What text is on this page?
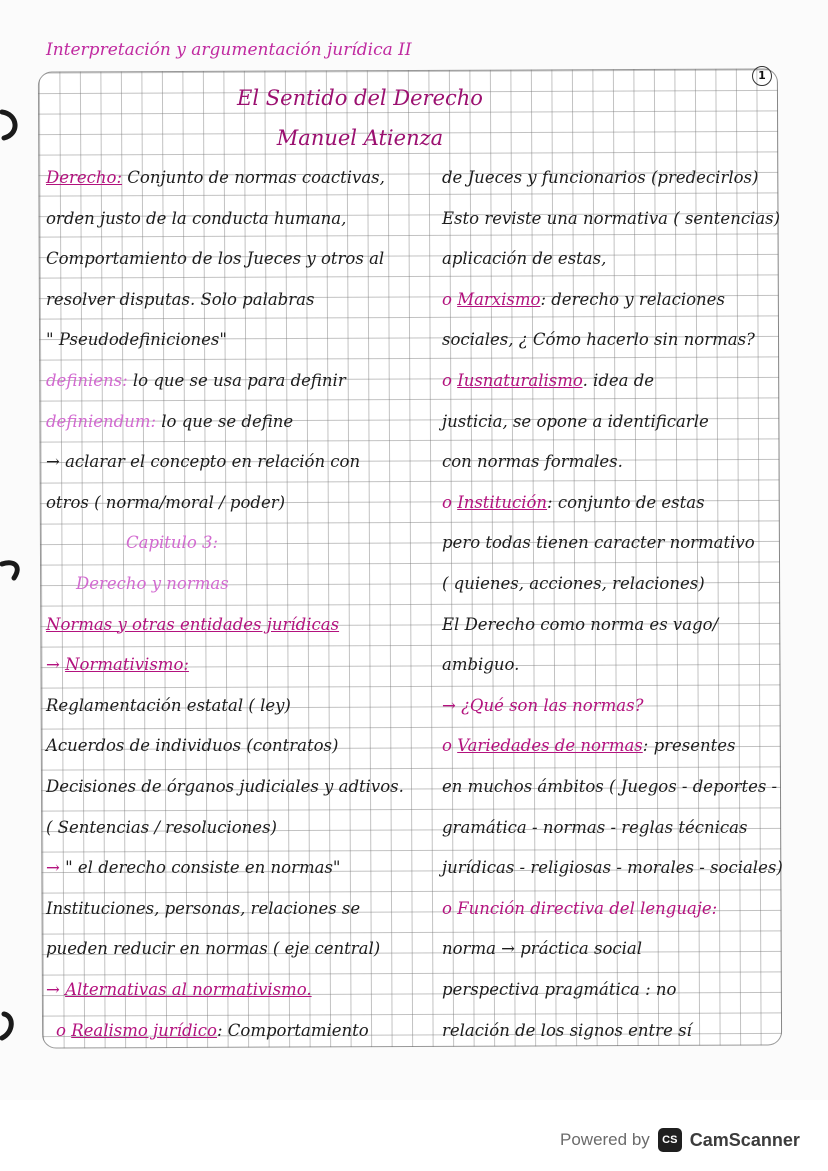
Interpretación y argumentación jurídica II
1
El Sentido del Derecho
Manuel Atienza
Derecho: Conjunto de normas coactivas,
orden justo de la conducta humana,
Comportamiento de los Jueces y otros al
resolver disputas. Solo palabras
" Pseudodefiniciones"
definiens: lo que se usa para definir
definiendum: lo que se define
→ aclarar el concepto en relación con
otros ( norma/moral / poder)
Capitulo 3:
Derecho y normas
Normas y otras entidades jurídicas
→ Normativismo:
Reglamentación estatal ( ley)
Acuerdos de individuos (contratos)
Decisiones de órganos judiciales y adtivos.
( Sentencias / resoluciones)
→ " el derecho consiste en normas"
Instituciones, personas, relaciones se
pueden reducir en normas ( eje central)
→ Alternativas al normativismo.
o Realismo jurídico: Comportamiento
de Jueces y funcionarios (predecirlos)
Esto reviste una normativa ( sentencias)
aplicación de estas,
o Marxismo: derecho y relaciones
sociales, ¿ Cómo hacerlo sin normas?
o Iusnaturalismo. idea de
justicia, se opone a identificarle
con normas formales.
o Institución: conjunto de estas
pero todas tienen caracter normativo
( quienes, acciones, relaciones)
El Derecho como norma es vago/
ambiguo.
→ ¿Qué son las normas?
o Variedades de normas: presentes
en muchos ámbitos ( Juegos - deportes -
gramática - normas - reglas técnicas
jurídicas - religiosas - morales - sociales)
o Función directiva del lenguaje:
norma → práctica social
perspectiva pragmática : no
relación de los signos entre sí
Powered by	CS CamScanner
